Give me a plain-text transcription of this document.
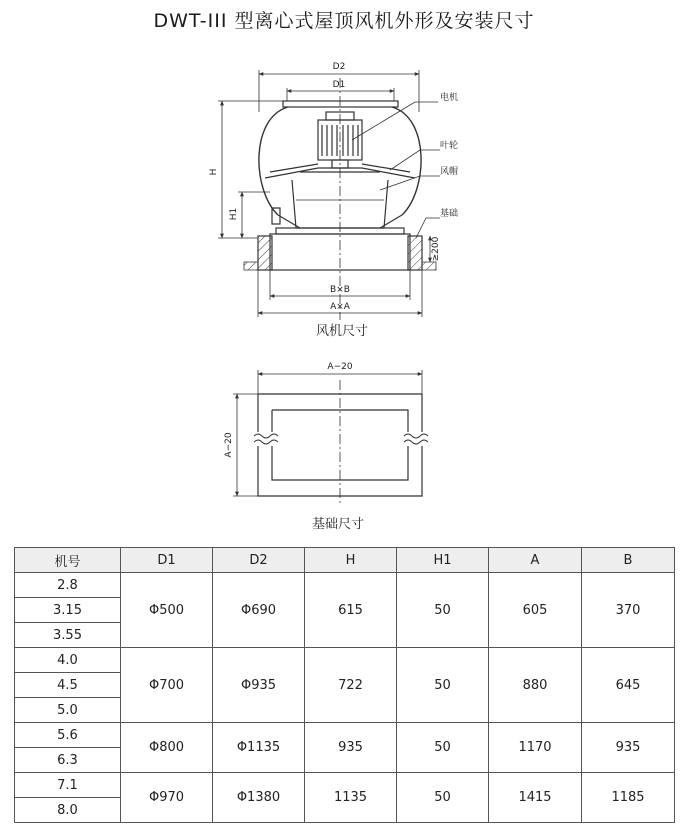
DWT-III 型离心式屋顶风机外形及安装尺寸
D2
D1
H
H1
≥200
B×B
A×A
电机
叶轮
风帽
基础
A−20
A−20
风机尺寸
基础尺寸
机号	D1	D2	H	H1	A	B
2.8	Φ500	Φ690	615	50	605	370
3.15						
3.55						
4.0	Φ700	Φ935	722	50	880	645
4.5						
5.0						
5.6	Φ800	Φ1135	935	50	1170	935
6.3						
7.1	Φ970	Φ1380	1135	50	1415	1185
8.0						
